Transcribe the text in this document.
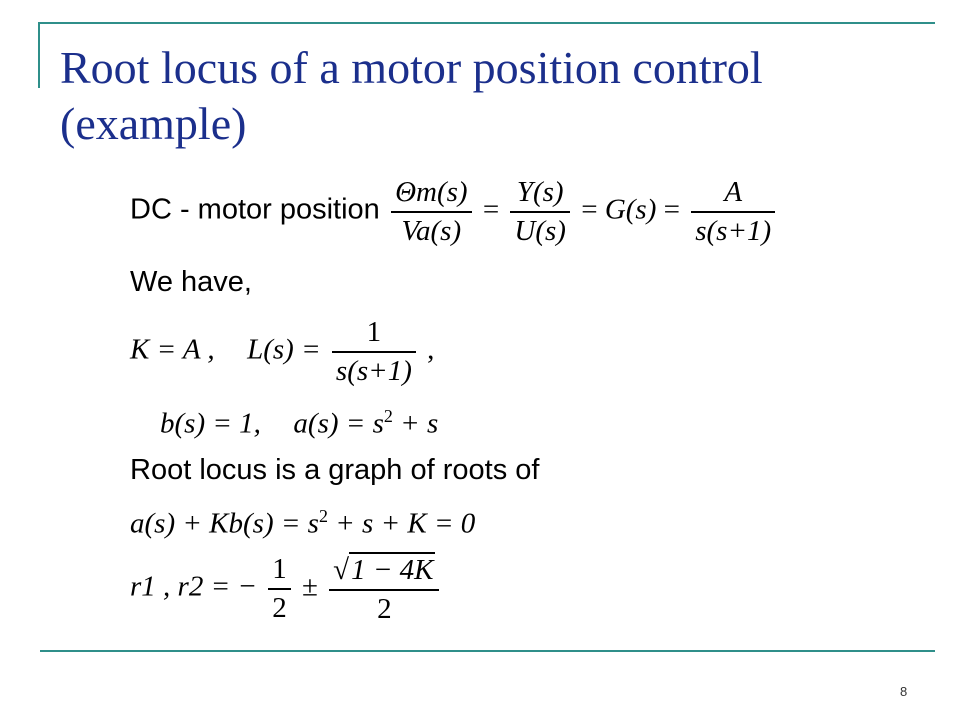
Root locus of a motor position control (example)
DC - motor position $\frac{\Theta m(s)}{Va(s)} = \frac{Y(s)}{U(s)} = G(s) = \frac{A}{s(s+1)}$
We have,
K = A , $L(s) = \frac{1}{s(s+1)}$ ,
b(s) = 1, $a(s) = s^2 + s$
Root locus is a graph of roots of
$a(s) + Kb(s) = s^2 + s + K = 0$
r1 , r2 = − $\frac{1}{2} \pm \frac{√1 - 4K}{2}$
8
